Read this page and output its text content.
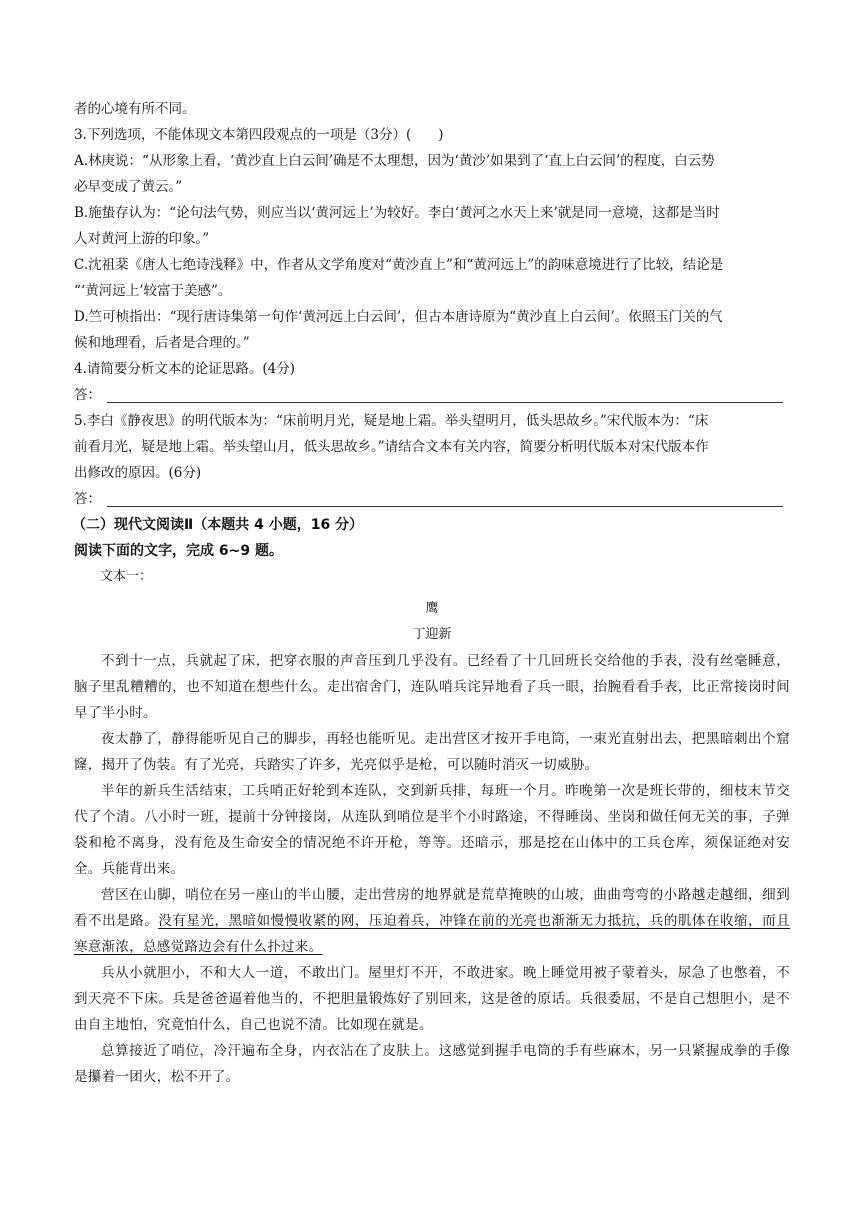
者的心境有所不同。
3.下列选项，不能体现文本第四段观点的一项是（3分）(　　)
A.林庚说：“从形象上看，‘黄沙直上白云间’确是不太理想，因为‘黄沙’如果到了‘直上白云间’的程度，白云势
必早变成了黄云。”
B.施蛰存认为：“论句法气势，则应当以‘黄河远上’为较好。李白‘黄河之水天上来’就是同一意境，这都是当时
人对黄河上游的印象。”
C.沈祖棻《唐人七绝诗浅释》中，作者从文学角度对“黄沙直上”和“黄河远上”的韵味意境进行了比较，结论是
“‘黄河远上’较富于美感”。
D.竺可桢指出：“现行唐诗集第一句作‘黄河远上白云间’，但古本唐诗原为“黄沙直上白云间’。依照玉门关的气
候和地理看，后者是合理的。”
4.请简要分析文本的论证思路。(4分)
答：
5.李白《静夜思》的明代版本为：“床前明月光，疑是地上霜。举头望明月，低头思故乡。”宋代版本为：“床
前看月光，疑是地上霜。举头望山月，低头思故乡。”请结合文本有关内容，简要分析明代版本对宋代版本作
出修改的原因。(6分)
答：
（二）现代文阅读Ⅱ（本题共 4 小题，16 分）
阅读下面的文字，完成 6~9 题。
文本一：
鹰
丁迎新
不到十一点，兵就起了床，把穿衣服的声音压到几乎没有。已经看了十几回班长交给他的手表，没有丝毫睡意，脑子里乱糟糟的，也不知道在想些什么。走出宿舍门，连队哨兵诧异地看了兵一眼，抬腕看看手表，比正常接岗时间早了半小时。
夜太静了，静得能听见自己的脚步，再轻也能听见。走出营区才按开手电筒，一束光直射出去，把黑暗刺出个窟窿，揭开了伪装。有了光亮，兵踏实了许多，光亮似乎是枪，可以随时消灭一切威胁。
半年的新兵生活结束，工兵哨正好轮到本连队，交到新兵排，每班一个月。昨晚第一次是班长带的，细枝末节交代了个清。八小时一班，提前十分钟接岗，从连队到哨位是半个小时路途，不得睡岗、坐岗和做任何无关的事，子弹袋和枪不离身，没有危及生命安全的情况绝不许开枪，等等。还暗示，那是挖在山体中的工兵仓库，须保证绝对安全。兵能背出来。
营区在山脚，哨位在另一座山的半山腰，走出营房的地界就是荒草掩映的山坡，曲曲弯弯的小路越走越细，细到看不出是路。没有星光，黑暗如慢慢收紧的网，压迫着兵，冲锋在前的光亮也渐渐无力抵抗，兵的肌体在收缩，而且寒意渐浓，总感觉路边会有什么扑过来。
兵从小就胆小，不和大人一道，不敢出门。屋里灯不开，不敢进家。晚上睡觉用被子蒙着头，尿急了也憋着，不到天亮不下床。兵是爸爸逼着他当的，不把胆量锻炼好了别回来，这是爸的原话。兵很委屈，不是自己想胆小，是不由自主地怕，究竟怕什么，自己也说不清。比如现在就是。
总算接近了哨位，冷汗遍布全身，内衣沾在了皮肤上。这感觉到握手电筒的手有些麻木，另一只紧握成拳的手像是攥着一团火，松不开了。
